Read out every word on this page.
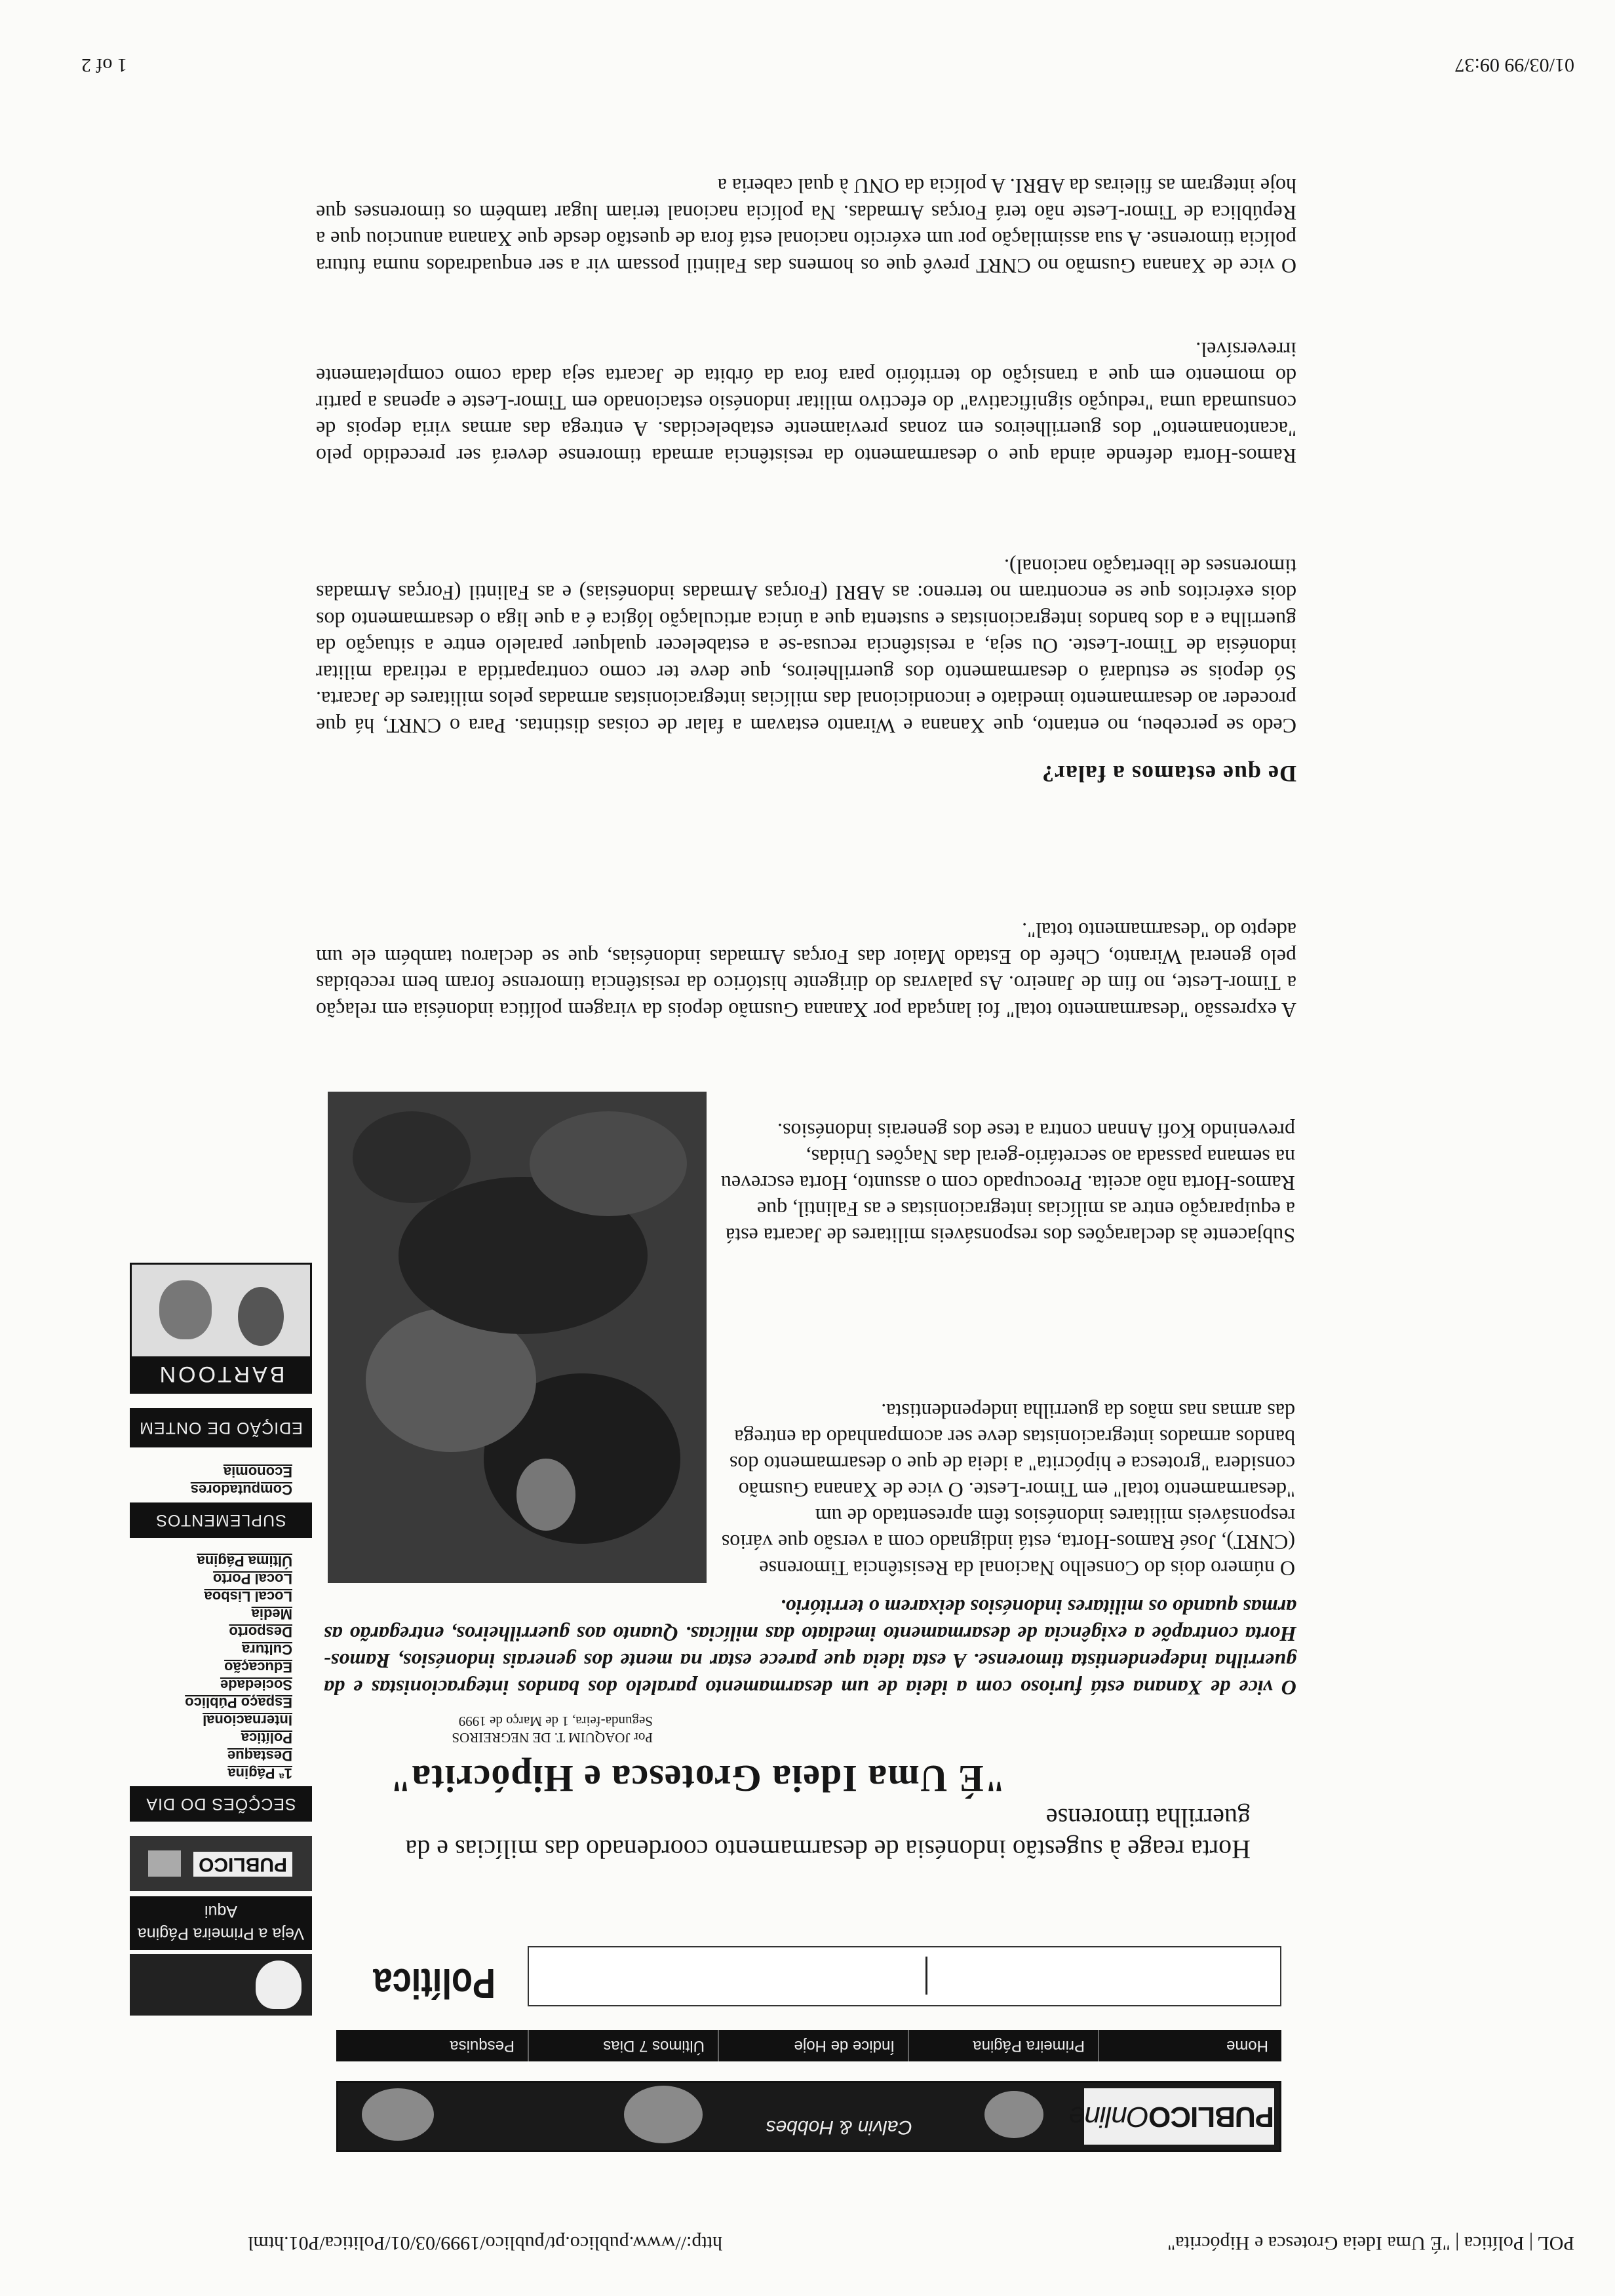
POL | Política | "É Uma Ideia Grotesca e Hipócrita"
http://www.publico.pt/publico/1999/03/01/Politica/P01.html
Calvin & Hobbes	PUBLICOOnline
Home
Primeira Página
Índice de Hoje
Últimos 7 Dias
Pesquisa
Política
Veja a Primeira Página Aqui
PUBLICO
SECÇÕES DO DIA
1ª Página
Destaque
Política
Internacional
Espaço Público
Sociedade
Educação
Cultura
Desporto
Media
Local Lisboa
Local Porto
Última Página
SUPLEMENTOS
Computadores
Economia
EDIÇÃO DE ONTEM
BARTOON
Horta reage à sugestão indonésia de desarmamento coordenado das milícias e da guerrilha timorense
"É Uma Ideia Grotesca e Hipócrita"
Por JOAQUIM T. DE NEGREIROS
Segunda-feira, 1 de Março de 1999
O vice de Xanana está furioso com a ideia de um desarmamento paralelo dos bandos integracionistas e da guerrilha independentista timorense. A esta ideia que parece estar na mente dos generais indonésios, Ramos-Horta contrapõe a exigência de desarmamento imediato das milícias. Quanto aos guerrilheiros, entregarão as armas quando os militares indonésios deixarem o território.
O número dois do Conselho Nacional da Resistência Timorense (CNRT), José Ramos-Horta, está indignado com a versão que vários responsáveis militares indonésios têm apresentado de um "desarmamento total" em Timor-Leste. O vice de Xanana Gusmão considera "grotesca e hipócrita" a ideia de que o desarmamento dos bandos armados integracionistas deve ser acompanhado da entrega das armas nas mãos da guerrilha independentista.
Subjacente às declarações dos responsáveis militares de Jacarta está a equiparação entre as milícias integracionistas e as Falintil, que Ramos-Horta não aceita. Preocupado com o assunto, Horta escreveu na semana passada ao secretário-geral das Nações Unidas, prevenindo Kofi Annan contra a tese dos generais indonésios.
A expressão "desarmamento total" foi lançada por Xanana Gusmão depois da viragem política indonésia em relação a Timor-Leste, no fim de Janeiro. As palavras do dirigente histórico da resistência timorense foram bem recebidas pelo general Wiranto, Chefe do Estado Maior das Forças Armadas indonésias, que se declarou também ele um adepto do "desarmamento total".
De que estamos a falar?
Cedo se percebeu, no entanto, que Xanana e Wiranto estavam a falar de coisas distintas. Para o CNRT, há que proceder ao desarmamento imediato e incondicional das milícias integracionistas armadas pelos militares de Jacarta. Só depois se estudará o desarmamento dos guerrilheiros, que deve ter como contrapartida a retirada militar indonésia de Timor-Leste. Ou seja, a resistência recusa-se a estabelecer qualquer paralelo entre a situação da guerrilha e a dos bandos integracionistas e sustenta que a única articulação lógica é a que liga o desarmamento dos dois exércitos que se encontram no terreno: as ABRI (Forças Armadas indonésias) e as Falintil (Forças Armadas timorenses de libertação nacional).
Ramos-Horta defende ainda que o desarmamento da resistência armada timorense deverá ser precedido pelo "acantonamento" dos guerrilheiros em zonas previamente estabelecidas. A entrega das armas viria depois de consumada uma "redução significativa" do efectivo militar indonésio estacionado em Timor-Leste e apenas a partir do momento em que a transição do território para fora da órbita de Jacarta seja dada como completamente irreversível.
O vice de Xanana Gusmão no CNRT prevê que os homens das Falintil possam vir a ser enquadrados numa futura polícia timorense. A sua assimilação por um exército nacional está fora de questão desde que Xanana anunciou que a República de Timor-Leste não terá Forças Armadas. Na polícia nacional teriam lugar também os timorenses que hoje integram as fileiras da ABRI. A polícia da ONU à qual caberia a
1 of 2	01/03/99 09:37
